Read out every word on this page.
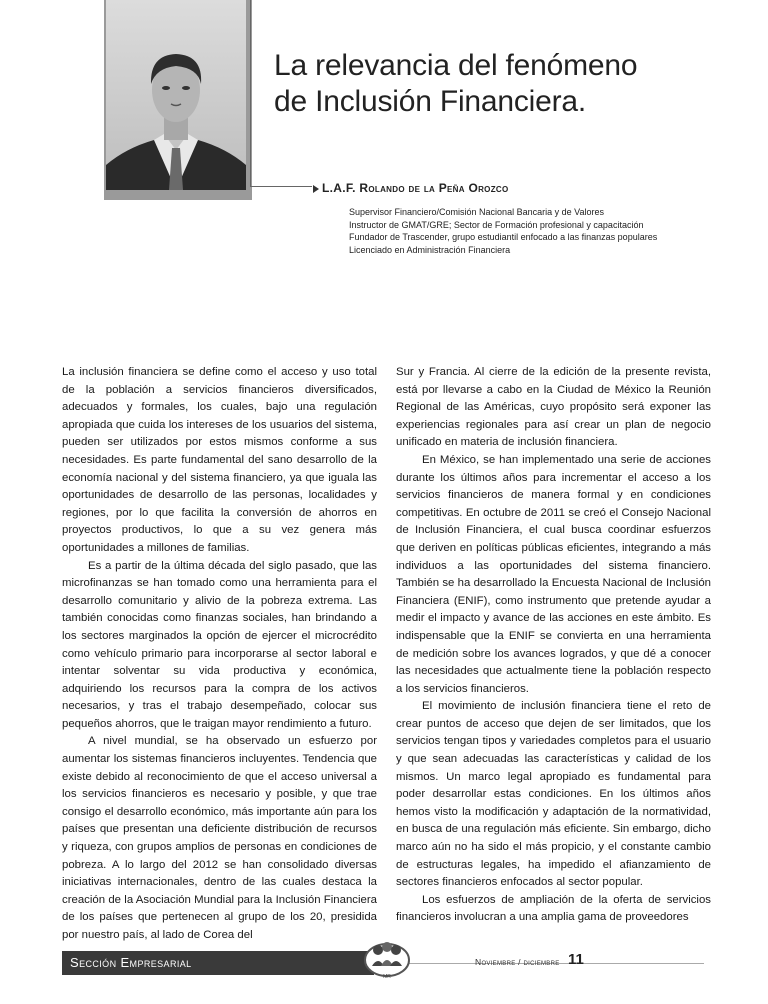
La relevancia del fenómeno
de Inclusión Financiera.
L.A.F. Rolando de la Peña Orozco
Supervisor Financiero/Comisión Nacional Bancaria y de Valores
Instructor de GMAT/GRE; Sector de Formación profesional y capacitación
Fundador de Trascender, grupo estudiantil enfocado a las finanzas populares
Licenciado en Administración Financiera

La inclusión financiera se define como el acceso y uso total de la población a servicios financieros diversificados, adecuados y formales, los cuales, bajo una regulación apropiada que cuida los intereses de los usuarios del sistema, pueden ser utilizados por estos mismos conforme a sus necesidades. Es parte fundamental del sano desarrollo de la economía nacional y del sistema financiero, ya que iguala las oportunidades de desarrollo de las personas, localidades y regiones, por lo que facilita la conversión de ahorros en proyectos productivos, lo que a su vez genera más oportunidades a millones de familias.

Es a partir de la última década del siglo pasado, que las microfinanzas se han tomado como una herramienta para el desarrollo comunitario y alivio de la pobreza extrema. Las también conocidas como finanzas sociales, han brindando a los sectores marginados la opción de ejercer el microcrédito como vehículo primario para incorporarse al sector laboral e intentar solventar su vida productiva y económica, adquiriendo los recursos para la compra de los activos necesarios, y tras el trabajo desempeñado, colocar sus pequeños ahorros, que le traigan mayor rendimiento a futuro.

A nivel mundial, se ha observado un esfuerzo por aumentar los sistemas financieros incluyentes. Tendencia que existe debido al reconocimiento de que el acceso universal a los servicios financieros es necesario y posible, y que trae consigo el desarrollo económico, más importante aún para los países que presentan una deficiente distribución de recursos y riqueza, con grupos amplios de personas en condiciones de pobreza. A lo largo del 2012 se han consolidado diversas iniciativas internacionales, dentro de las cuales destaca la creación de la Asociación Mundial para la Inclusión Financiera de los países que pertenecen al grupo de los 20, presidida por nuestro país, al lado de Corea del

Sur y Francia. Al cierre de la edición de la presente revista, está por llevarse a cabo en la Ciudad de México la Reunión Regional de las Américas, cuyo propósito será exponer las experiencias regionales para así crear un plan de negocio unificado en materia de inclusión financiera.

En México, se han implementado una serie de acciones durante los últimos años para incrementar el acceso a los servicios financieros de manera formal y en condiciones competitivas. En octubre de 2011 se creó el Consejo Nacional de Inclusión Financiera, el cual busca coordinar esfuerzos que deriven en políticas públicas eficientes, integrando a más individuos a las oportunidades del sistema financiero. También se ha desarrollado la Encuesta Nacional de Inclusión Financiera (ENIF), como instrumento que pretende ayudar a medir el impacto y avance de las acciones en este ámbito. Es indispensable que la ENIF se convierta en una herramienta de medición sobre los avances logrados, y que dé a conocer las necesidades que actualmente tiene la población respecto a los servicios financieros.

El movimiento de inclusión financiera tiene el reto de crear puntos de acceso que dejen de ser limitados, que los servicios tengan tipos y variedades completos para el usuario y que sean adecuadas las características y calidad de los mismos. Un marco legal apropiado es fundamental para poder desarrollar estas condiciones. En los últimos años hemos visto la modificación y adaptación de la normatividad, en busca de una regulación más eficiente. Sin embargo, dicho marco aún no ha sido el más propicio, y el constante cambio de estructuras legales, ha impedido el afianzamiento de sectores financieros enfocados al sector popular.

Los esfuerzos de ampliación de la oferta de servicios financieros involucran a una amplia gama de proveedores

Sección Empresarial
MR
Noviembre / diciembre 11
